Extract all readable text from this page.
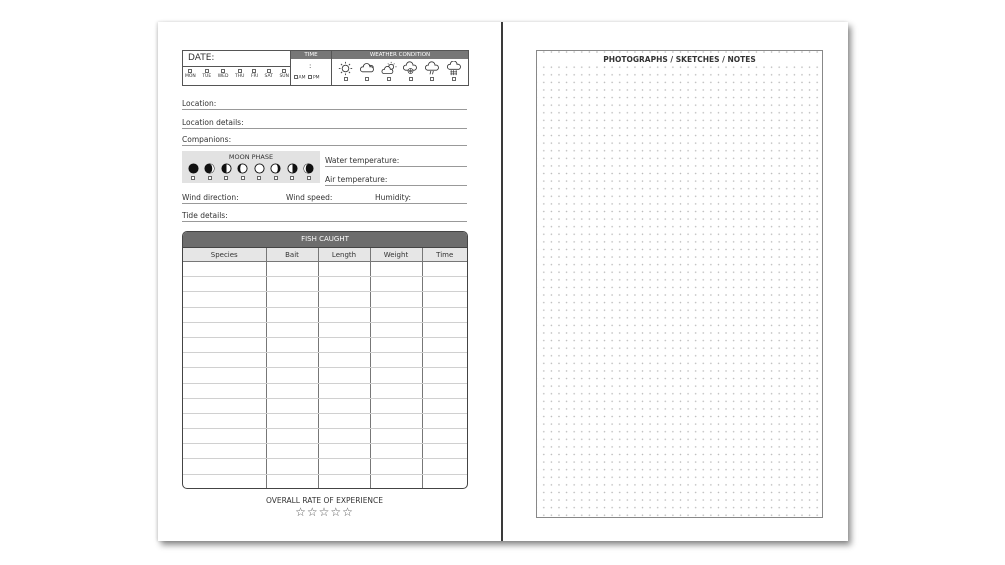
DATE:
MON TUE WED THU FRI SAT SUN
TIME
:
AM	PM
WEATHER CONDITION
Location:
Location details:
Companions:
MOON PHASE	Water temperature:
Air temperature:
Wind direction:	Wind speed:	Humidity:
Tide details:
FISH CAUGHT
Species	Bait	Length	Weight	Time

OVERALL RATE OF EXPERIENCE
☆☆☆☆☆
PHOTOGRAPHS / SKETCHES / NOTES
